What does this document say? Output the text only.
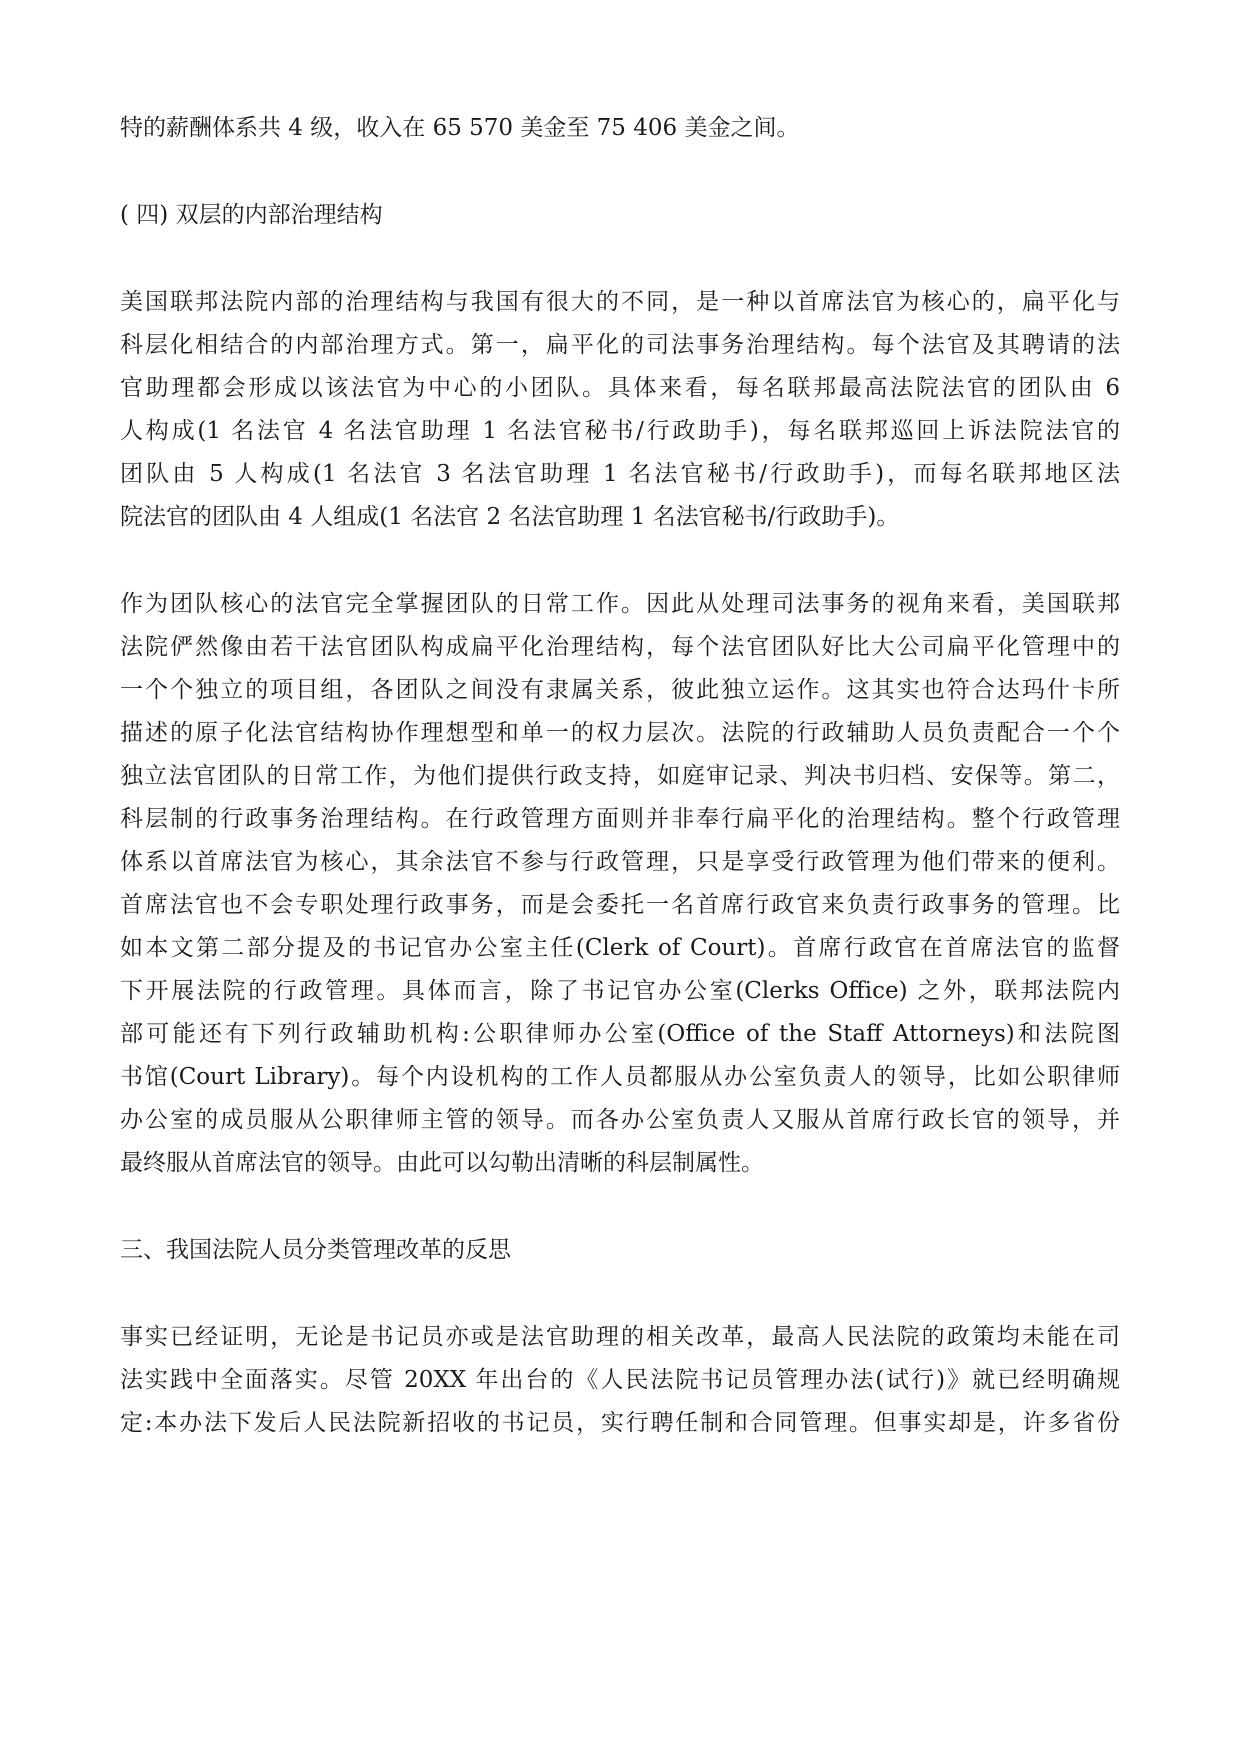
特的薪酬体系共 4 级，收入在 65 570 美金至 75 406 美金之间。
( 四) 双层的内部治理结构
美国联邦法院内部的治理结构与我国有很大的不同，是一种以首席法官为核心的，扁平化与
科层化相结合的内部治理方式。第一，扁平化的司法事务治理结构。每个法官及其聘请的法
官助理都会形成以该法官为中心的小团队。具体来看，每名联邦最高法院法官的团队由 6
人构成(1 名法官 4 名法官助理 1 名法官秘书/行政助手)，每名联邦巡回上诉法院法官的
团队由 5 人构成(1 名法官 3 名法官助理 1 名法官秘书/行政助手)，而每名联邦地区法
院法官的团队由 4 人组成(1 名法官 2 名法官助理 1 名法官秘书/行政助手)。
作为团队核心的法官完全掌握团队的日常工作。因此从处理司法事务的视角来看，美国联邦
法院俨然像由若干法官团队构成扁平化治理结构，每个法官团队好比大公司扁平化管理中的
一个个独立的项目组，各团队之间没有隶属关系，彼此独立运作。这其实也符合达玛什卡所
描述的原子化法官结构协作理想型和单一的权力层次。法院的行政辅助人员负责配合一个个
独立法官团队的日常工作，为他们提供行政支持，如庭审记录、判决书归档、安保等。第二，
科层制的行政事务治理结构。在行政管理方面则并非奉行扁平化的治理结构。整个行政管理
体系以首席法官为核心，其余法官不参与行政管理，只是享受行政管理为他们带来的便利。
首席法官也不会专职处理行政事务，而是会委托一名首席行政官来负责行政事务的管理。比
如本文第二部分提及的书记官办公室主任(Clerk of Court)。首席行政官在首席法官的监督
下开展法院的行政管理。具体而言，除了书记官办公室(Clerks Office) 之外，联邦法院内
部可能还有下列行政辅助机构:公职律师办公室(Office of the Staff Attorneys)和法院图
书馆(Court Library)。每个内设机构的工作人员都服从办公室负责人的领导，比如公职律师
办公室的成员服从公职律师主管的领导。而各办公室负责人又服从首席行政长官的领导，并
最终服从首席法官的领导。由此可以勾勒出清晰的科层制属性。
三、我国法院人员分类管理改革的反思
事实已经证明，无论是书记员亦或是法官助理的相关改革，最高人民法院的政策均未能在司
法实践中全面落实。尽管 20XX 年出台的《人民法院书记员管理办法(试行)》就已经明确规
定:本办法下发后人民法院新招收的书记员，实行聘任制和合同管理。但事实却是，许多省份
